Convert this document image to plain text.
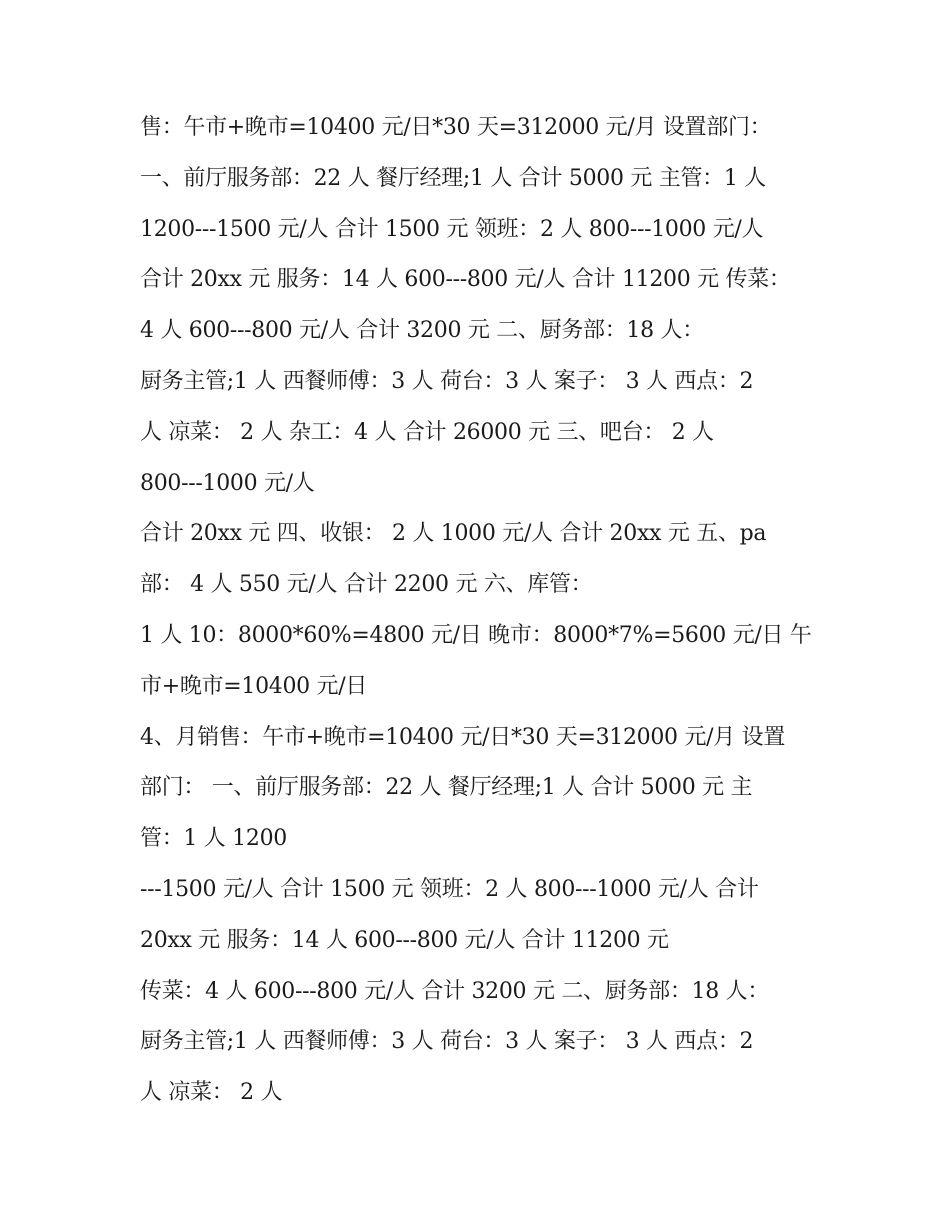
售：午市+晚市=10400 元/日*30 天=312000 元/月 设置部门：
一、前厅服务部：22 人 餐厅经理;1 人 合计 5000 元 主管：1 人
1200---1500 元/人 合计 1500 元 领班：2 人 800---1000 元/人
合计 20xx 元 服务：14 人 600---800 元/人 合计 11200 元 传菜：
4 人 600---800 元/人 合计 3200 元 二、厨务部：18 人：
厨务主管;1 人 西餐师傅：3 人 荷台：3 人 案子： 3 人 西点：2
人 凉菜： 2 人 杂工：4 人 合计 26000 元 三、吧台： 2 人
800---1000 元/人
合计 20xx 元 四、收银： 2 人 1000 元/人 合计 20xx 元 五、pa
部： 4 人 550 元/人 合计 2200 元 六、库管：
1 人 10：8000*60%=4800 元/日 晚市：8000*7%=5600 元/日 午
市+晚市=10400 元/日
4、月销售：午市+晚市=10400 元/日*30 天=312000 元/月 设置
部门： 一、前厅服务部：22 人 餐厅经理;1 人 合计 5000 元 主
管：1 人 1200
---1500 元/人 合计 1500 元 领班：2 人 800---1000 元/人 合计
20xx 元 服务：14 人 600---800 元/人 合计 11200 元
传菜：4 人 600---800 元/人 合计 3200 元 二、厨务部：18 人：
厨务主管;1 人 西餐师傅：3 人 荷台：3 人 案子： 3 人 西点：2
人 凉菜： 2 人
